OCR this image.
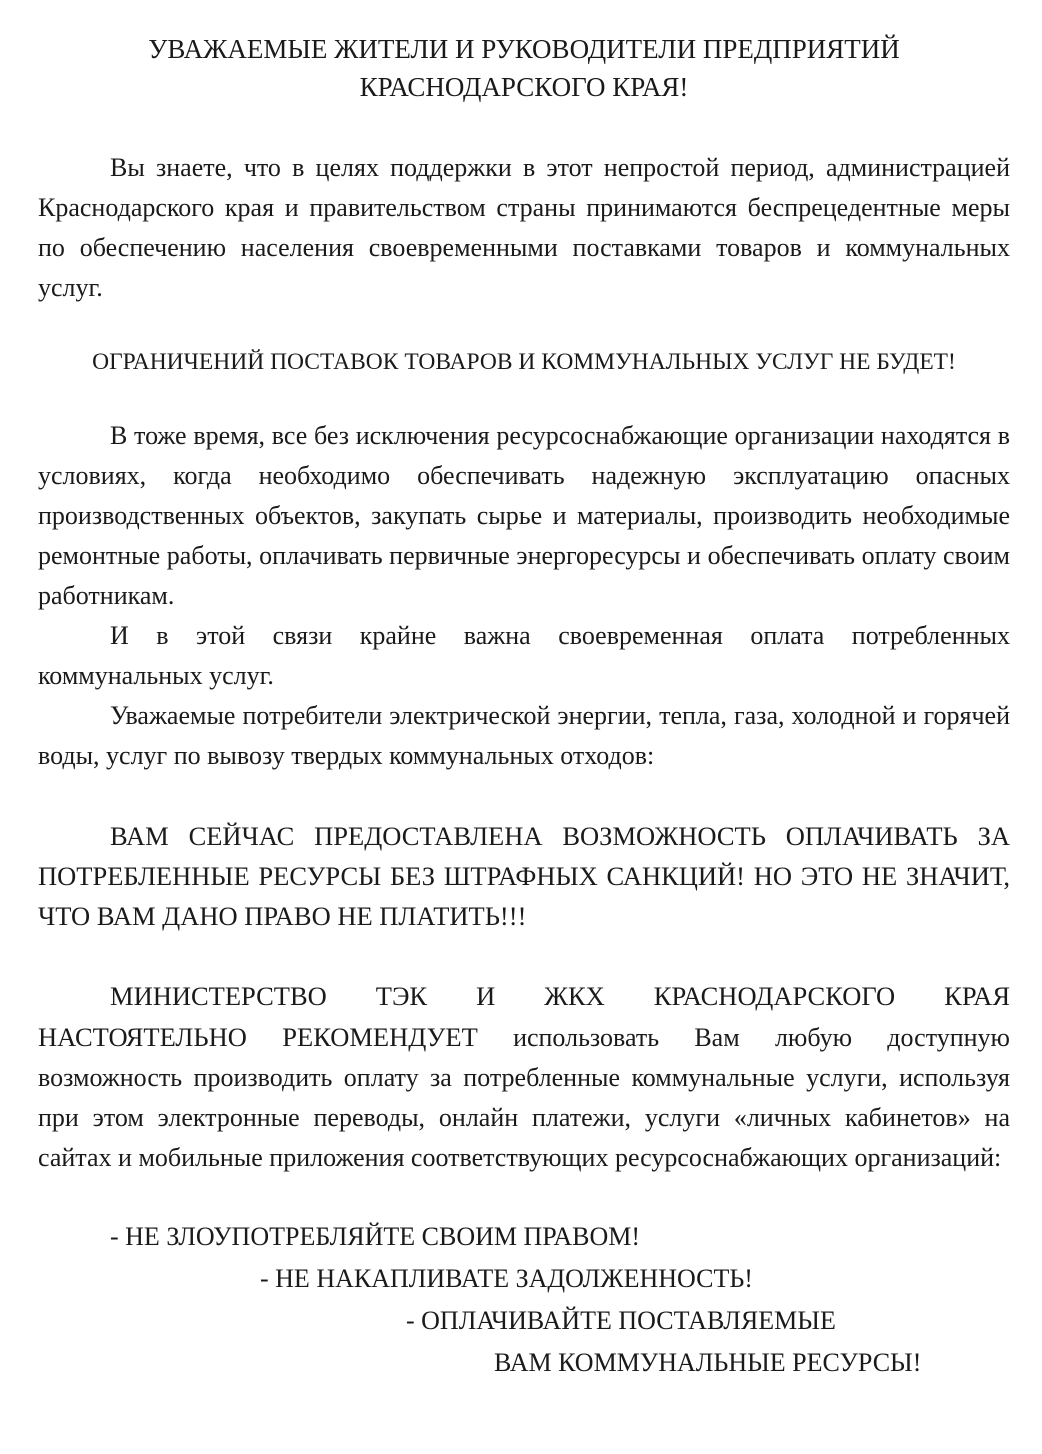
УВАЖАЕМЫЕ ЖИТЕЛИ И РУКОВОДИТЕЛИ ПРЕДПРИЯТИЙ
КРАСНОДАРСКОГО КРАЯ!

Вы знаете, что в целях поддержки в этот непростой период, администрацией Краснодарского края и правительством страны принимаются беспрецедентные меры по обеспечению населения своевременными поставками товаров и коммунальных услуг.

ОГРАНИЧЕНИЙ ПОСТАВОК ТОВАРОВ И КОММУНАЛЬНЫХ УСЛУГ НЕ БУДЕТ!

В тоже время, все без исключения ресурсоснабжающие организации находятся в условиях, когда необходимо обеспечивать надежную эксплуатацию опасных производственных объектов, закупать сырье и материалы, производить необходимые ремонтные работы, оплачивать первичные энергоресурсы и обеспечивать оплату своим работникам.

И в этой связи крайне важна своевременная оплата потребленных коммунальных услуг.

Уважаемые потребители электрической энергии, тепла, газа, холодной и горячей воды, услуг по вывозу твердых коммунальных отходов:

ВАМ СЕЙЧАС ПРЕДОСТАВЛЕНА ВОЗМОЖНОСТЬ ОПЛАЧИВАТЬ ЗА ПОТРЕБЛЕННЫЕ РЕСУРСЫ БЕЗ ШТРАФНЫХ САНКЦИЙ! НО ЭТО НЕ ЗНАЧИТ, ЧТО ВАМ ДАНО ПРАВО НЕ ПЛАТИТЬ!!!

МИНИСТЕРСТВО ТЭК И ЖКХ КРАСНОДАРСКОГО КРАЯ НАСТОЯТЕЛЬНО РЕКОМЕНДУЕТ использовать Вам любую доступную возможность производить оплату за потребленные коммунальные услуги, используя при этом электронные переводы, онлайн платежи, услуги «личных кабинетов» на сайтах и мобильные приложения соответствующих ресурсоснабжающих организаций:

- НЕ ЗЛОУПОТРЕБЛЯЙТЕ СВОИМ ПРАВОМ!
- НЕ НАКАПЛИВАТЕ ЗАДОЛЖЕННОСТЬ!
- ОПЛАЧИВАЙТЕ ПОСТАВЛЯЕМЫЕ
ВАМ КОММУНАЛЬНЫЕ РЕСУРСЫ!
